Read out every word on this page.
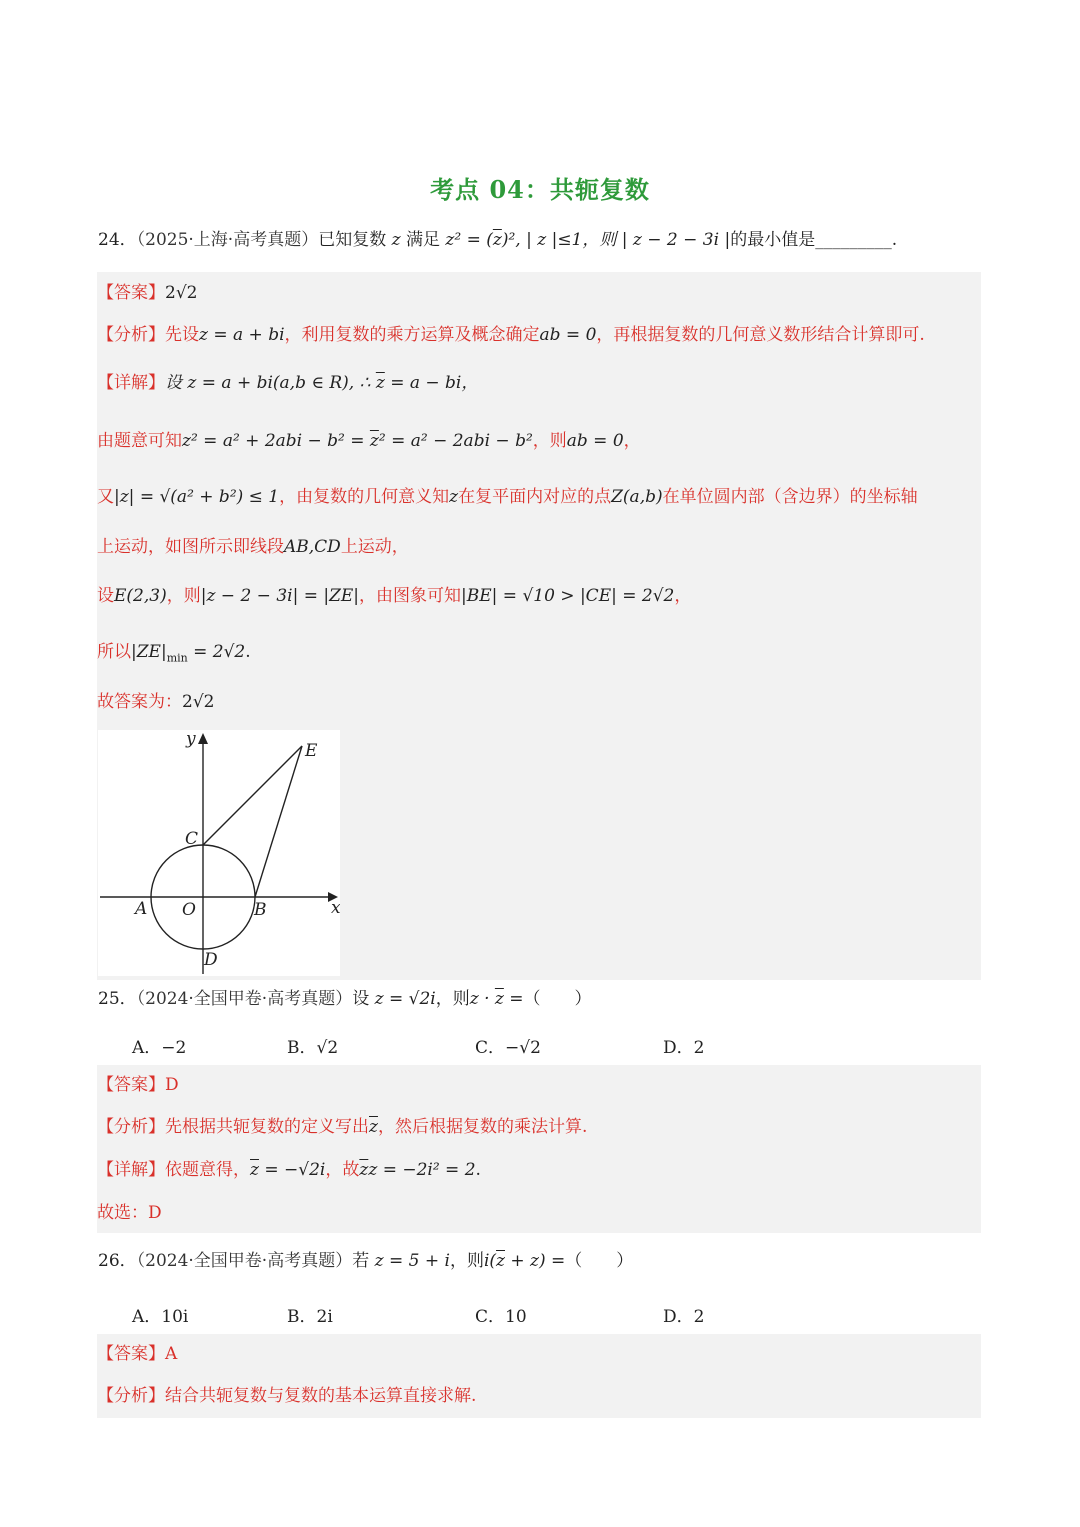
考点 04：共轭复数
24．（2025·上海·高考真题）已知复数 z 满足 $z^2 = (\overline{z})^2$, | z |≤1，则 | z − 2 − 3i |的最小值是_________.
【答案】2√2
【分析】先设z = a + bi，利用复数的乘方运算及概念确定ab = 0，再根据复数的几何意义数形结合计算即可.
【详解】设 z = a + bi(a,b ∈ R), ∴ $\overline{z} = a$ − bi，
由题意可知$z^2 = a^2 + 2abi - b^2 = \overline{z}^2 = a^2 - 2abi - b^2$，则ab = 0，
又|z| = √(a² + b²) ≤ 1，由复数的几何意义知z在复平面内对应的点Z(a,b)在单位圆内部（含边界）的坐标轴
上运动，如图所示即线段AB,CD上运动，
设E(2,3)，则|z − 2 − 3i| = |ZE|，由图象可知|BE| = √10 > |CE| = 2√2，
所以$|ZE|_{min} = 2√2$.
故答案为：2√2
y
x
E
C
A O	B
D
25．（2024·全国甲卷·高考真题）设 z = √2i，则$z \cdot \overline{z}$ =（　　）
A．−2	B．√2	C．−√2	D．2
【答案】D
【分析】先根据共轭复数的定义写出$\overline{z}$，然后根据复数的乘法计算.
【详解】依题意得，$\overline{z} = -√2i$，故$\overline{z}z = -2i^2 = 2$.
故选：D
26．（2024·全国甲卷·高考真题）若 z = 5 + i，则$i(\overline{z} + z)$ =（　　）
A．10i	B．2i	C．10	D．2
【答案】A
【分析】结合共轭复数与复数的基本运算直接求解.
